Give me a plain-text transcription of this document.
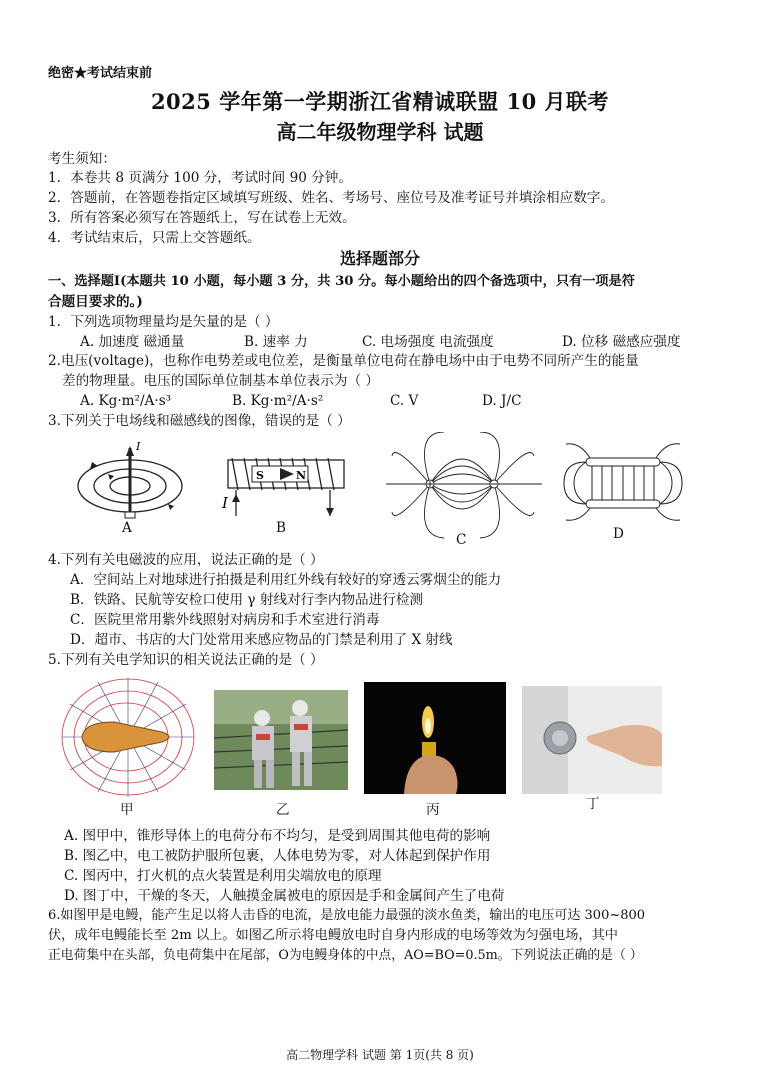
绝密★考试结束前
2025 学年第一学期浙江省精诚联盟 10 月联考
高二年级物理学科 试题
考生须知：
1．本卷共 8 页满分 100 分，考试时间 90 分钟。
2．答题前，在答题卷指定区域填写班级、姓名、考场号、座位号及准考证号并填涂相应数字。
3．所有答案必须写在答题纸上，写在试卷上无效。
4．考试结束后，只需上交答题纸。
选择题部分
一、选择题Ⅰ(本题共 10 小题，每小题 3 分，共 30 分。每小题给出的四个备选项中，只有一项是符
合题目要求的。)
1．下列选项物理量均是矢量的是（ ）
A. 加速度 磁通量	B. 速率 力	C. 电场强度 电流强度	D. 位移 磁感应强度
2.电压(voltage)，也称作电势差或电位差，是衡量单位电荷在静电场中由于电势不同所产生的能量
差的物理量。电压的国际单位制基本单位表示为（ ）
A. Kg·m²/A·s³	B. Kg·m²/A·s²	C. V	D. J/C
3.下列关于电场线和磁感线的图像，错误的是（ ）
I
S	N
I
A	B
C	D
4.下列有关电磁波的应用，说法正确的是（ ）
A．空间站上对地球进行拍摄是利用红外线有较好的穿透云雾烟尘的能力
B．铁路、民航等安检口使用 γ 射线对行李内物品进行检测
C．医院里常用紫外线照射对病房和手术室进行消毒
D．超市、书店的大门处常用来感应物品的门禁是利用了 X 射线
5.下列有关电学知识的相关说法正确的是（ ）
甲	乙	丙	丁
A. 图甲中，锥形导体上的电荷分布不均匀，是受到周围其他电荷的影响
B. 图乙中，电工被防护服所包裹，人体电势为零，对人体起到保护作用
C. 图丙中，打火机的点火装置是利用尖端放电的原理
D. 图丁中，干燥的冬天，人触摸金属被电的原因是手和金属间产生了电荷
6.如图甲是电鳗，能产生足以将人击昏的电流，是放电能力最强的淡水鱼类，输出的电压可达 300~800
伏，成年电鳗能长至 2m 以上。如图乙所示将电鳗放电时自身内形成的电场等效为匀强电场，其中
正电荷集中在头部，负电荷集中在尾部，O为电鳗身体的中点，AO=BO=0.5m。下列说法正确的是（ ）
高二物理学科 试题 第 1页(共 8 页)
